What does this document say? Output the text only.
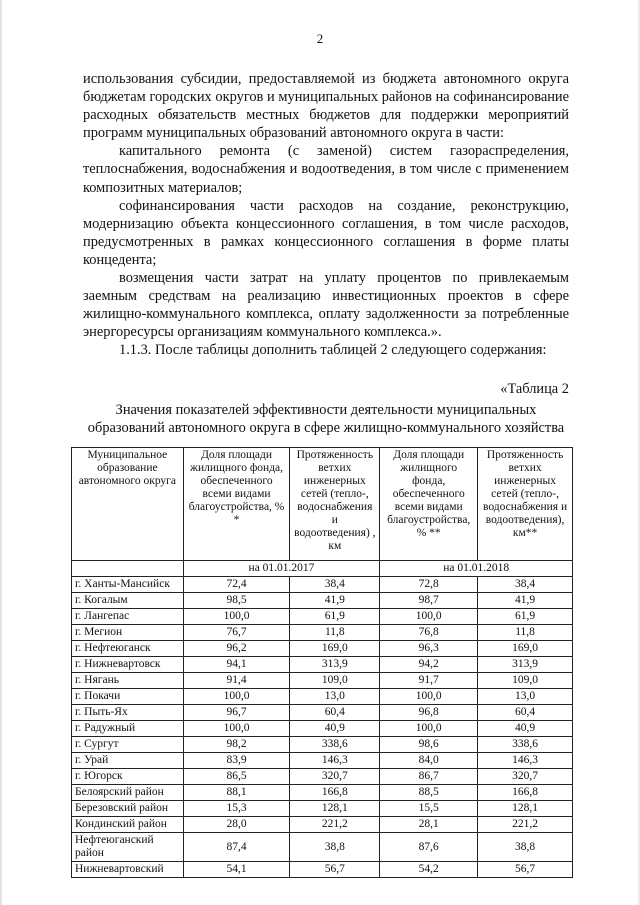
2

использования субсидии, предоставляемой из бюджета автономного округа бюджетам городских округов и муниципальных районов на софинансирование расходных обязательств местных бюджетов для поддержки мероприятий программ муниципальных образований автономного округа в части:

капитального ремонта (с заменой) систем газораспределения, теплоснабжения, водоснабжения и водоотведения, в том числе с применением композитных материалов;

софинансирования части расходов на создание, реконструкцию, модернизацию объекта концессионного соглашения, в том числе расходов, предусмотренных в рамках концессионного соглашения в форме платы концедента;

возмещения части затрат на уплату процентов по привлекаемым заемным средствам на реализацию инвестиционных проектов в сфере жилищно-коммунального комплекса, оплату задолженности за потребленные энергоресурсы организациям коммунального комплекса.».

1.1.3. После таблицы дополнить таблицей 2 следующего содержания:

«Таблица 2
Значения показателей эффективности деятельности муниципальных образований автономного округа в сфере жилищно-коммунального хозяйства
Муниципальное образование автономного округа	Доля площади жилищного фонда, обеспеченного всеми видами благоустройства, % *	Протяженность ветхих инженерных сетей (тепло-, водоснабжения и водоотведения) , км	Доля площади жилищного фонда, обеспеченного всеми видами благоустройства, % **	Протяженность ветхих инженерных сетей (тепло-, водоснабжения и водоотведения), км**
	на 01.01.2017		на 01.01.2018	
г. Ханты-Мансийск	72,4	38,4	72,8	38,4
г. Когалым	98,5	41,9	98,7	41,9
г. Лангепас	100,0	61,9	100,0	61,9
г. Мегион	76,7	11,8	76,8	11,8
г. Нефтеюганск	96,2	169,0	96,3	169,0
г. Нижневартовск	94,1	313,9	94,2	313,9
г. Нягань	91,4	109,0	91,7	109,0
г. Покачи	100,0	13,0	100,0	13,0
г. Пыть-Ях	96,7	60,4	96,8	60,4
г. Радужный	100,0	40,9	100,0	40,9
г. Сургут	98,2	338,6	98,6	338,6
г. Урай	83,9	146,3	84,0	146,3
г. Югорск	86,5	320,7	86,7	320,7
Белоярский район	88,1	166,8	88,5	166,8
Березовский район	15,3	128,1	15,5	128,1
Кондинский район	28,0	221,2	28,1	221,2
Нефтеюганский район	87,4	38,8	87,6	38,8
Нижневартовский	54,1	56,7	54,2	56,7
